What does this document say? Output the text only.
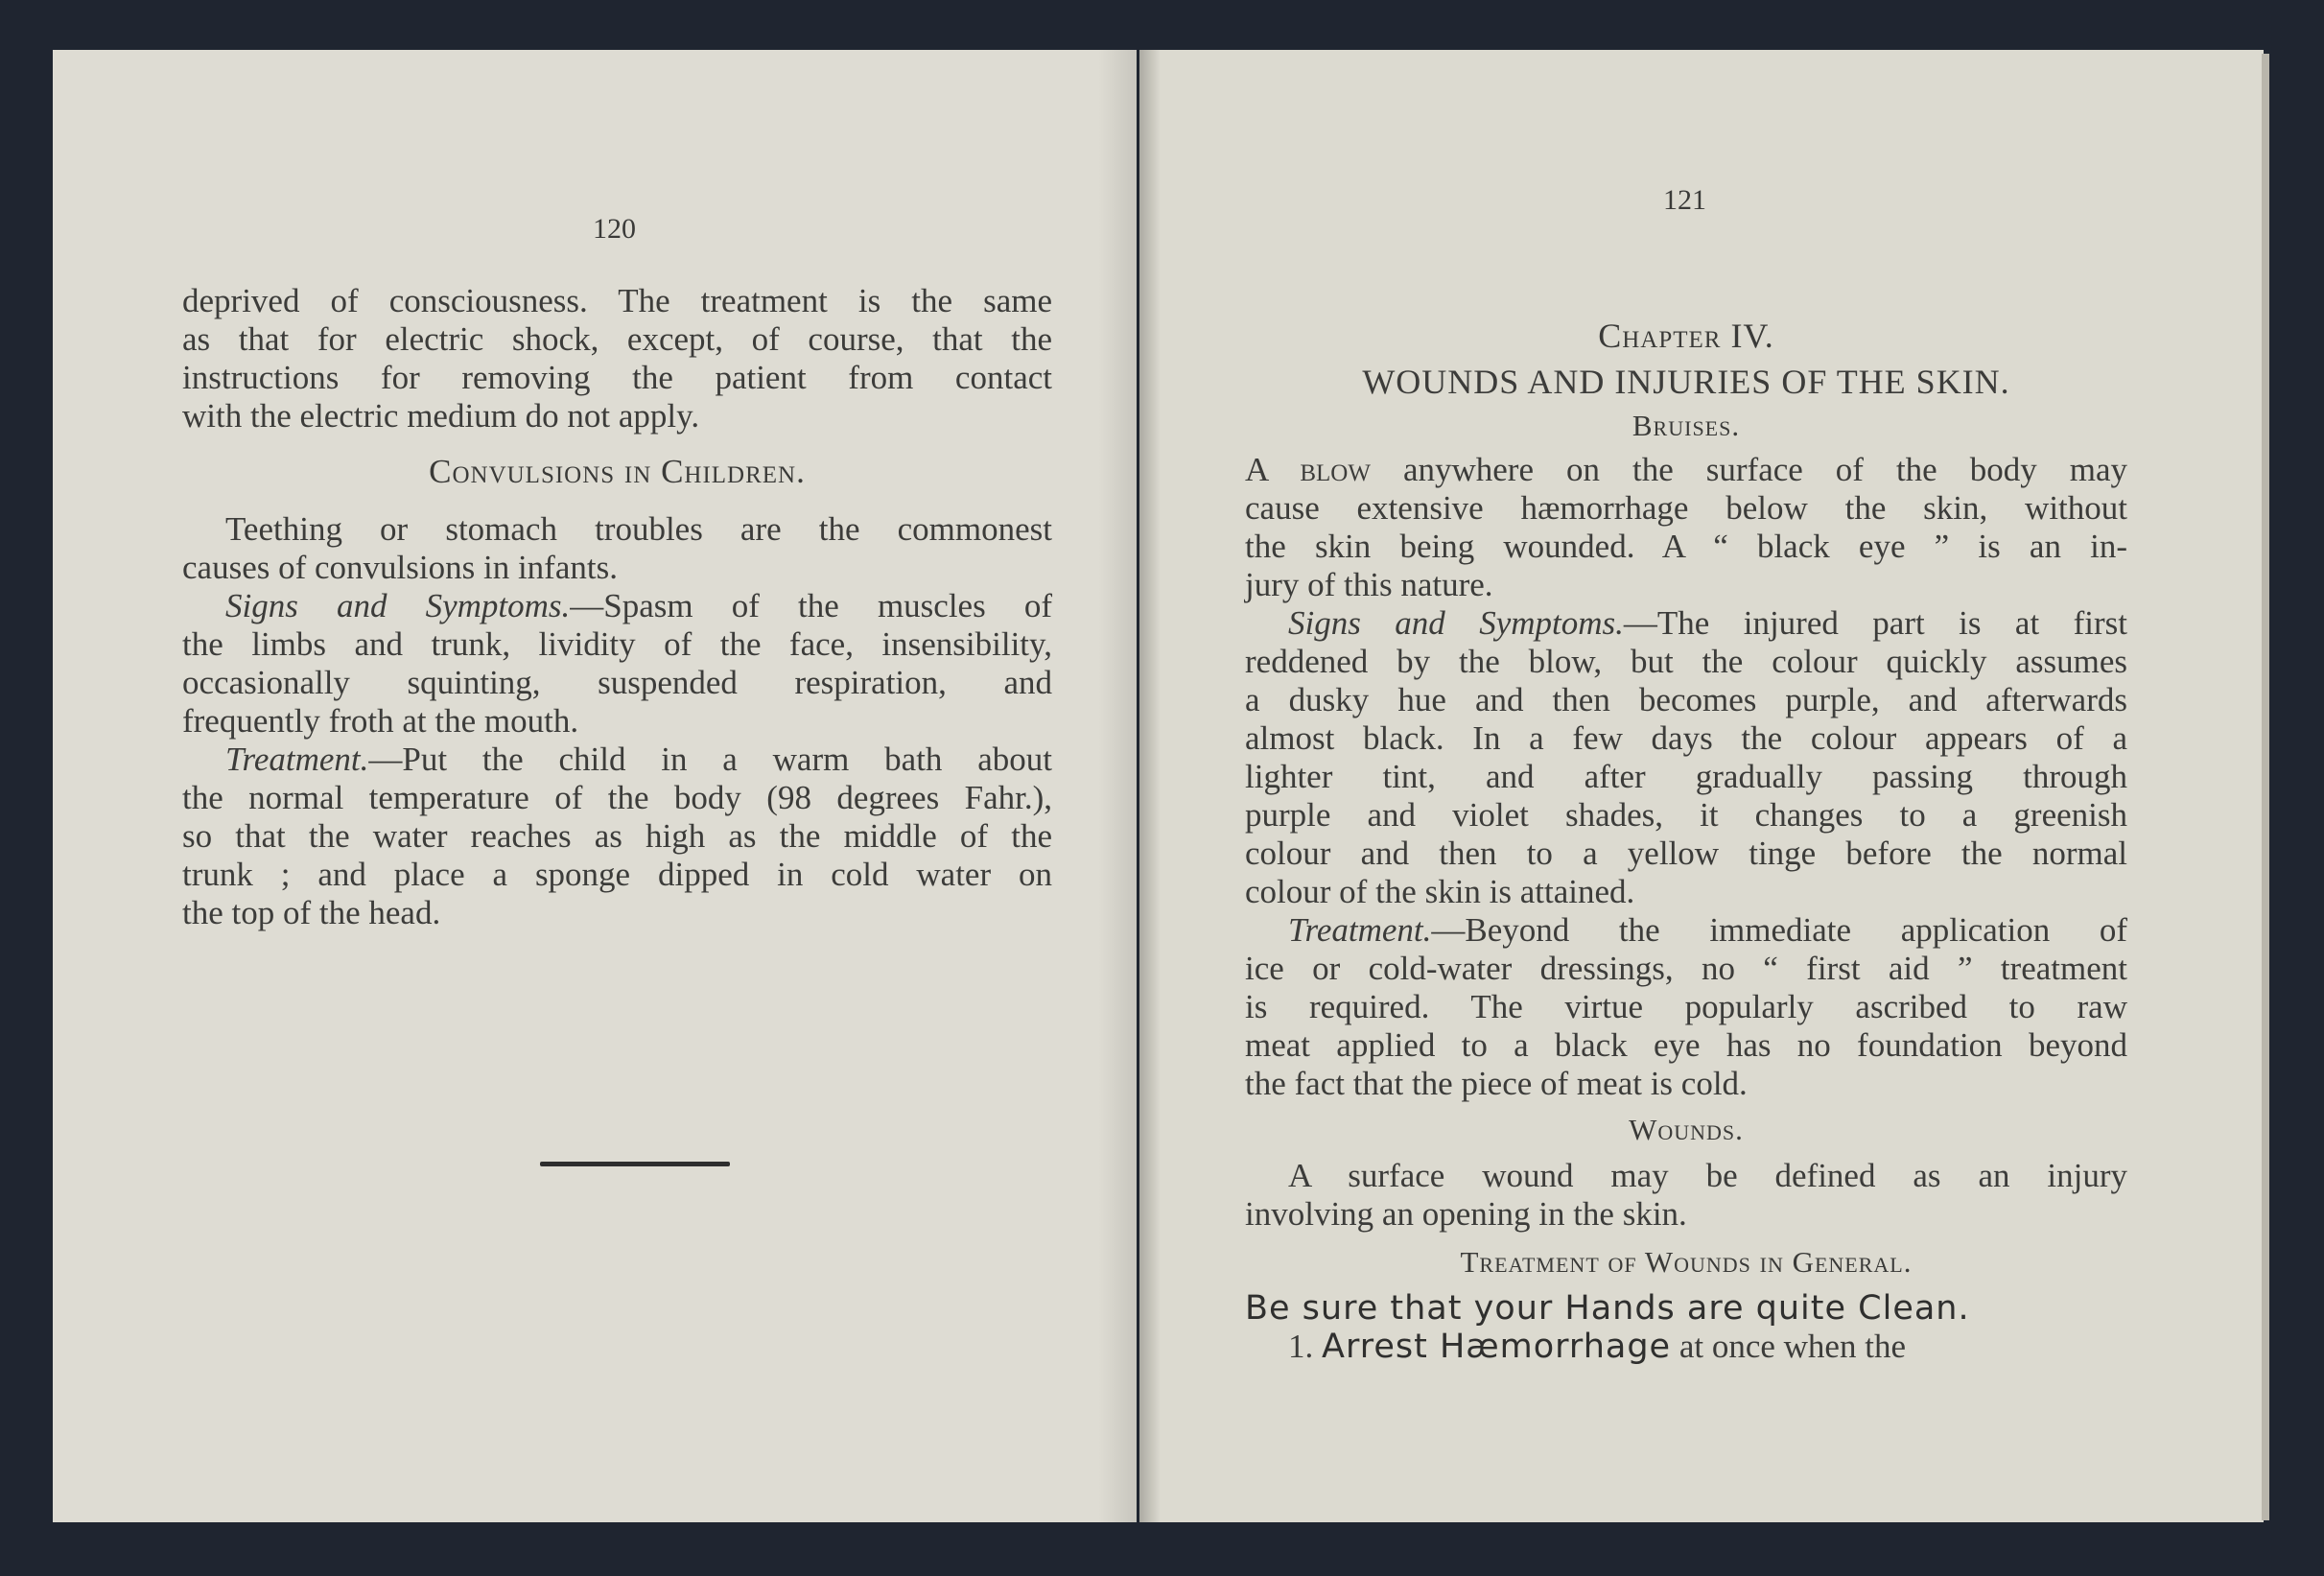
120
deprived of consciousness. The treatment is the same
as that for electric shock, except, of course, that the
instructions for removing the patient from contact
with the electric medium do not apply.
Convulsions in Children.
Teething or stomach troubles are the commonest
causes of convulsions in infants.
Signs and Symptoms.—Spasm of the muscles of
the limbs and trunk, lividity of the face, insensibility,
occasionally squinting, suspended respiration, and
frequently froth at the mouth.
Treatment.—Put the child in a warm bath about
the normal temperature of the body (98 degrees Fahr.),
so that the water reaches as high as the middle of the
trunk ; and place a sponge dipped in cold water on
the top of the head.
121
Chapter IV.
WOUNDS AND INJURIES OF THE SKIN.
Bruises.
A blow anywhere on the surface of the body may
cause extensive hæmorrhage below the skin, without
the skin being wounded. A “ black eye ” is an in-
jury of this nature.
Signs and Symptoms.—The injured part is at first
reddened by the blow, but the colour quickly assumes
a dusky hue and then becomes purple, and afterwards
almost black. In a few days the colour appears of a
lighter tint, and after gradually passing through
purple and violet shades, it changes to a greenish
colour and then to a yellow tinge before the normal
colour of the skin is attained.
Treatment.—Beyond the immediate application of
ice or cold-water dressings, no “ first aid ” treatment
is required. The virtue popularly ascribed to raw
meat applied to a black eye has no foundation beyond
the fact that the piece of meat is cold.
Wounds.
A surface wound may be defined as an injury
involving an opening in the skin.
Treatment of Wounds in General.
Be sure that your Hands are quite Clean.
1. Arrest Hæmorrhage at once when the
